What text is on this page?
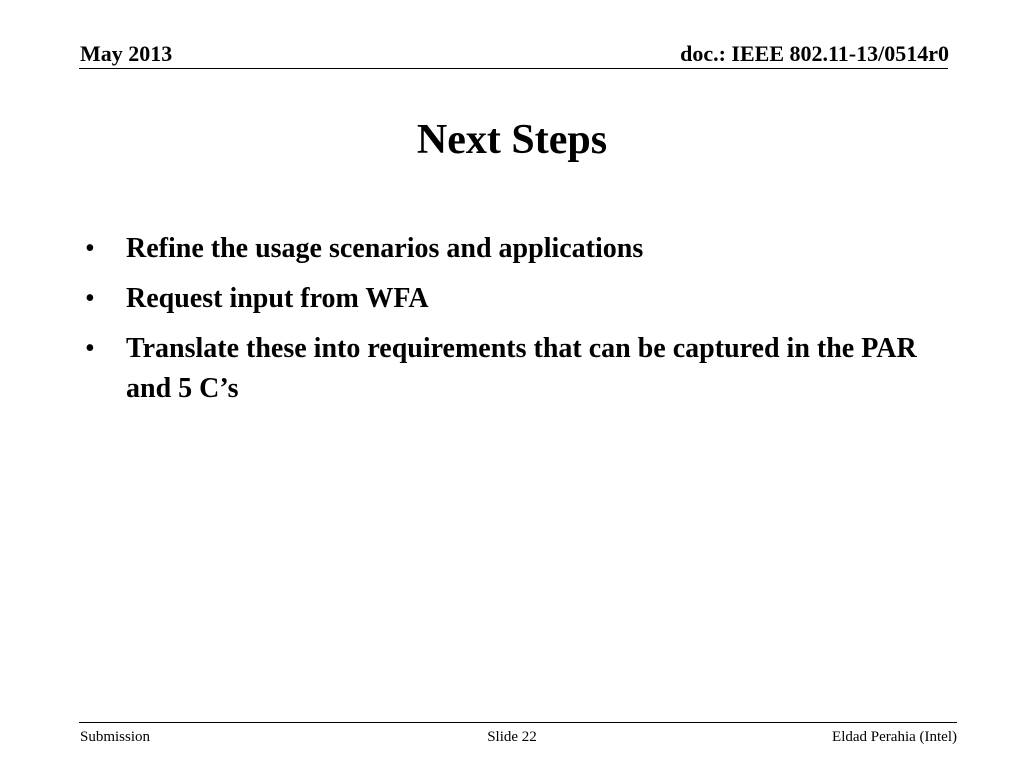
May 2013	doc.: IEEE 802.11-13/0514r0
Next Steps
• Refine the usage scenarios and applications
• Request input from WFA
• Translate these into requirements that can be captured in the PAR and 5 C’s
Submission	Slide 22	Eldad Perahia (Intel)
